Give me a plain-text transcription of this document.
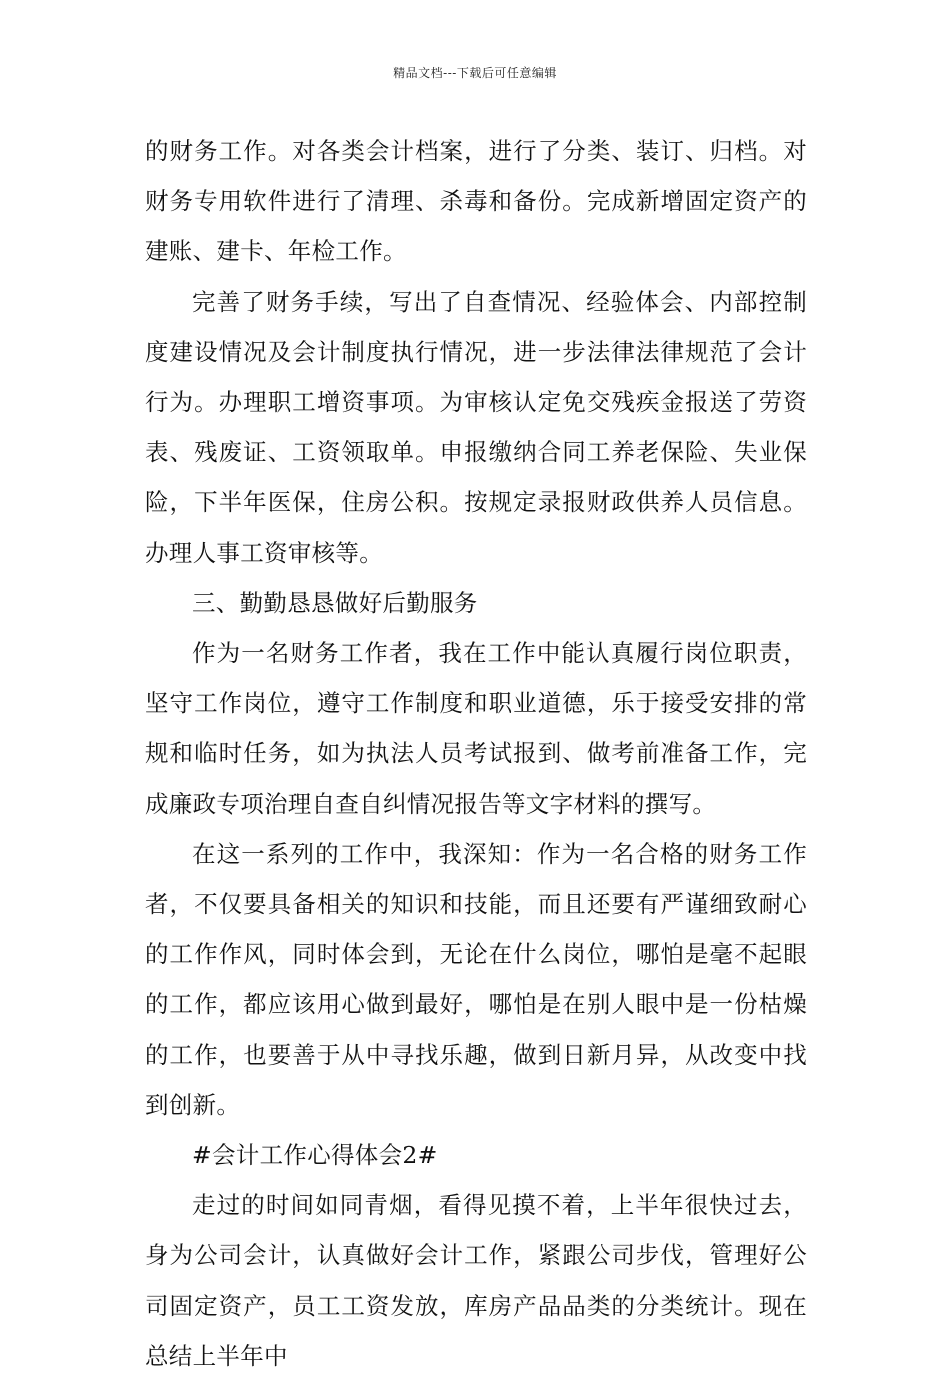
精品文档---下载后可任意编辑

的财务工作。对各类会计档案，进行了分类、装订、归档。对财务专用软件进行了清理、杀毒和备份。完成新增固定资产的建账、建卡、年检工作。

完善了财务手续，写出了自查情况、经验体会、内部控制度建设情况及会计制度执行情况，进一步法律法律规范了会计行为。办理职工增资事项。为审核认定免交残疾金报送了劳资表、残废证、工资领取单。申报缴纳合同工养老保险、失业保险，下半年医保，住房公积。按规定录报财政供养人员信息。办理人事工资审核等。

三、勤勤恳恳做好后勤服务

作为一名财务工作者，我在工作中能认真履行岗位职责，坚守工作岗位，遵守工作制度和职业道德，乐于接受安排的常规和临时任务，如为执法人员考试报到、做考前准备工作，完成廉政专项治理自查自纠情况报告等文字材料的撰写。

在这一系列的工作中，我深知：作为一名合格的财务工作者，不仅要具备相关的知识和技能，而且还要有严谨细致耐心的工作作风，同时体会到，无论在什么岗位，哪怕是毫不起眼的工作，都应该用心做到最好，哪怕是在别人眼中是一份枯燥的工作，也要善于从中寻找乐趣，做到日新月异，从改变中找到创新。

#会计工作心得体会2#

走过的时间如同青烟，看得见摸不着，上半年很快过去，身为公司会计，认真做好会计工作，紧跟公司步伐，管理好公司固定资产，员工工资发放，库房产品品类的分类统计。现在总结上半年中
